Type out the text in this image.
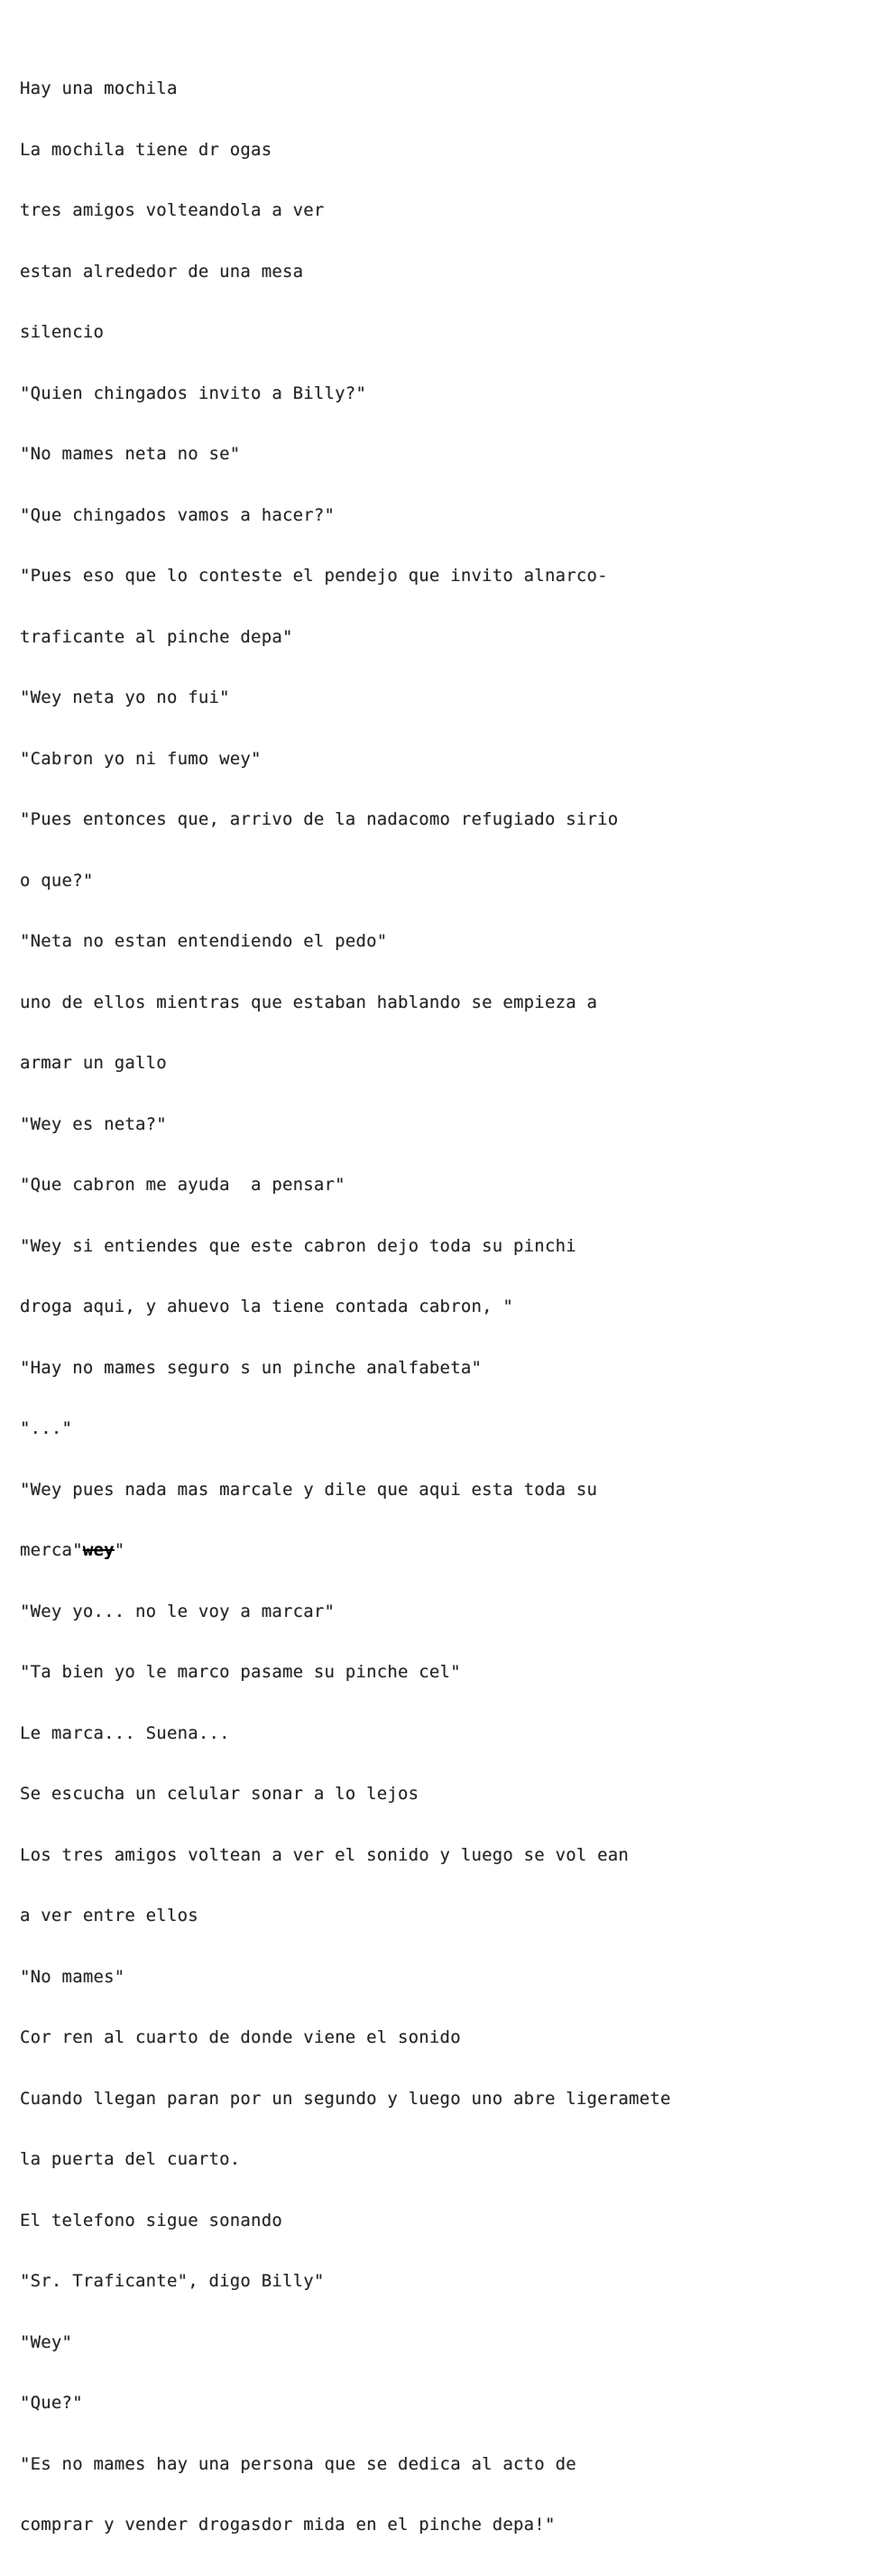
Hay una mochila

La mochila tiene dr ogas

tres amigos volteandola a ver

estan alrededor de una mesa

silencio

"Quien chingados invito a Billy?"

"No mames neta no se"

"Que chingados vamos a hacer?"

"Pues eso que lo conteste el pendejo que invito alnarco-

traficante al pinche depa"

"Wey neta yo no fui"

"Cabron yo ni fumo wey"

"Pues entonces que, arrivo de la nadacomo refugiado sirio

o que?"

"Neta no estan entendiendo el pedo"

uno de ellos mientras que estaban hablando se empieza a

armar un gallo

"Wey es neta?"

"Que cabron me ayuda  a pensar"

"Wey si entiendes que este cabron dejo toda su pinchi

droga aqui, y ahuevo la tiene contada cabron, "

"Hay no mames seguro s un pinche analfabeta"

"..."

"Wey pues nada mas marcale y dile que aqui esta toda su

merca"wey"

"Wey yo... no le voy a marcar"

"Ta bien yo le marco pasame su pinche cel"

Le marca... Suena...

Se escucha un celular sonar a lo lejos

Los tres amigos voltean a ver el sonido y luego se vol ean

a ver entre ellos

"No mames"

Cor ren al cuarto de donde viene el sonido

Cuando llegan paran por un segundo y luego uno abre ligeramete

la puerta del cuarto.

El telefono sigue sonando

"Sr. Traficante", digo Billy"

"Wey"

"Que?"

"Es no mames hay una persona que se dedica al acto de

comprar y vender drogasdor mida en el pinche depa!"
